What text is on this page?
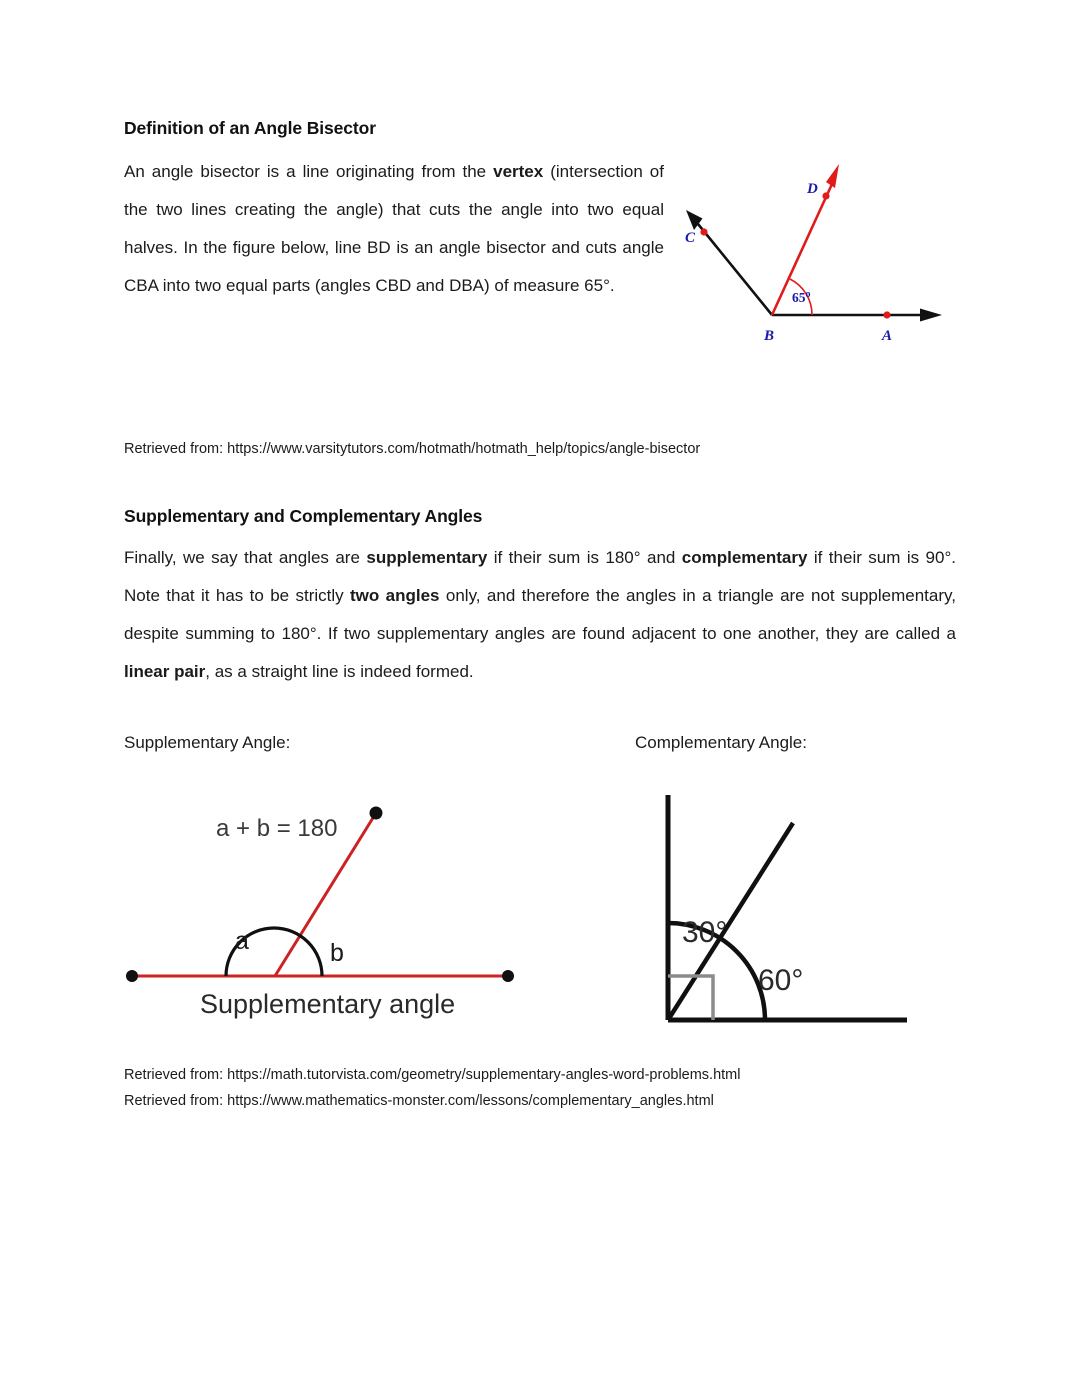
Definition of an Angle Bisector

An angle bisector is a line originating from the vertex (intersection of the two lines creating the angle) that cuts the angle into two equal halves. In the figure below, line BD is an angle bisector and cuts angle CBA into two equal parts (angles CBD and DBA) of measure 65°.

C
D
B	A
65$^o$

Retrieved from: https://www.varsitytutors.com/hotmath/hotmath_help/topics/angle-bisector

Supplementary and Complementary Angles

Finally, we say that angles are supplementary if their sum is 180° and complementary if their sum is 90°. Note that it has to be strictly two angles only, and therefore the angles in a triangle are not supplementary, despite summing to 180°. If two supplementary angles are found adjacent to one another, they are called a linear pair, as a straight line is indeed formed.

Supplementary Angle:	Complementary Angle:
a + b = 180
a	b
Supplementary angle
30°
60°

Retrieved from: https://math.tutorvista.com/geometry/supplementary-angles-word-problems.html

Retrieved from: https://www.mathematics-monster.com/lessons/complementary_angles.html
